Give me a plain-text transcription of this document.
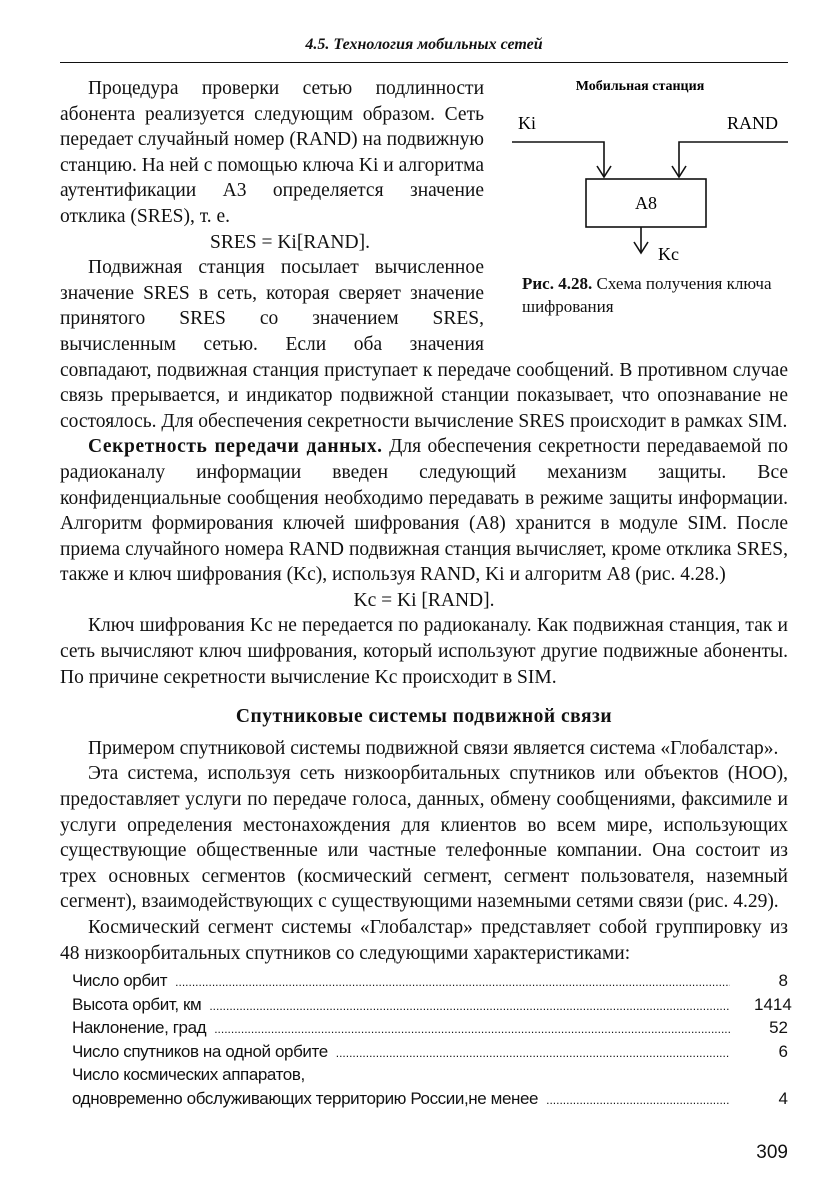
4.5. Технология мобильных сетей
Мобильная станция
Ki	RAND
A8
Kc
Рис. 4.28. Схема получения ключа шифрования

Процедура проверки сетью подлинности абонента реализуется следующим образом. Сеть передает случайный номер (RAND) на подвижную станцию. На ней с помощью ключа Ki и алгоритма аутентификации A3 определяется значение отклика (SRES), т. е.

SRES = Ki[RAND].

Подвижная станция посылает вычисленное значение SRES в сеть, которая сверяет значение принятого SRES со значением SRES, вычисленным сетью. Если оба значения совпадают, подвижная станция приступает к передаче сообщений. В противном случае связь прерывается, и индикатор подвижной станции показывает, что опознавание не состоялось. Для обеспечения секретности вычисление SRES происходит в рамках SIM.

Секретность передачи данных. Для обеспечения секретности передаваемой по радиоканалу информации введен следующий механизм защиты. Все конфиденциальные сообщения необходимо передавать в режиме защиты информации. Алгоритм формирования ключей шифрования (A8) хранится в модуле SIM. После приема случайного номера RAND подвижная станция вычисляет, кроме отклика SRES, также и ключ шифрования (Kc), используя RAND, Ki и алгоритм A8 (рис. 4.28.)

Kc = Ki [RAND].

Ключ шифрования Kc не передается по радиоканалу. Как подвижная станция, так и сеть вычисляют ключ шифрования, который используют другие подвижные абоненты. По причине секретности вычисление Kc происходит в SIM.

Спутниковые системы подвижной связи

Примером спутниковой системы подвижной связи является система «Глобалстар».

Эта система, используя сеть низкоорбитальных спутников или объектов (НОО), предоставляет услуги по передаче голоса, данных, обмену сообщениями, факсимиле и услуги определения местонахождения для клиентов во всем мире, использующих существующие общественные или частные телефонные компании. Она состоит из трех основных сегментов (космический сегмент, сегмент пользователя, наземный сегмент), взаимодействующих с существующими наземными сетями связи (рис. 4.29).

Космический сегмент системы «Глобалстар» представляет собой группировку из 48 низкоорбитальных спутников со следующими характеристиками:

Число орбит .....	8
Высота орбит, км .....	1414
Наклонение, град .....	52
Число спутников на одной орбите .....	6
Число космических аппаратов,
одновременно обслуживающих территорию России,не менее .....	4
309
